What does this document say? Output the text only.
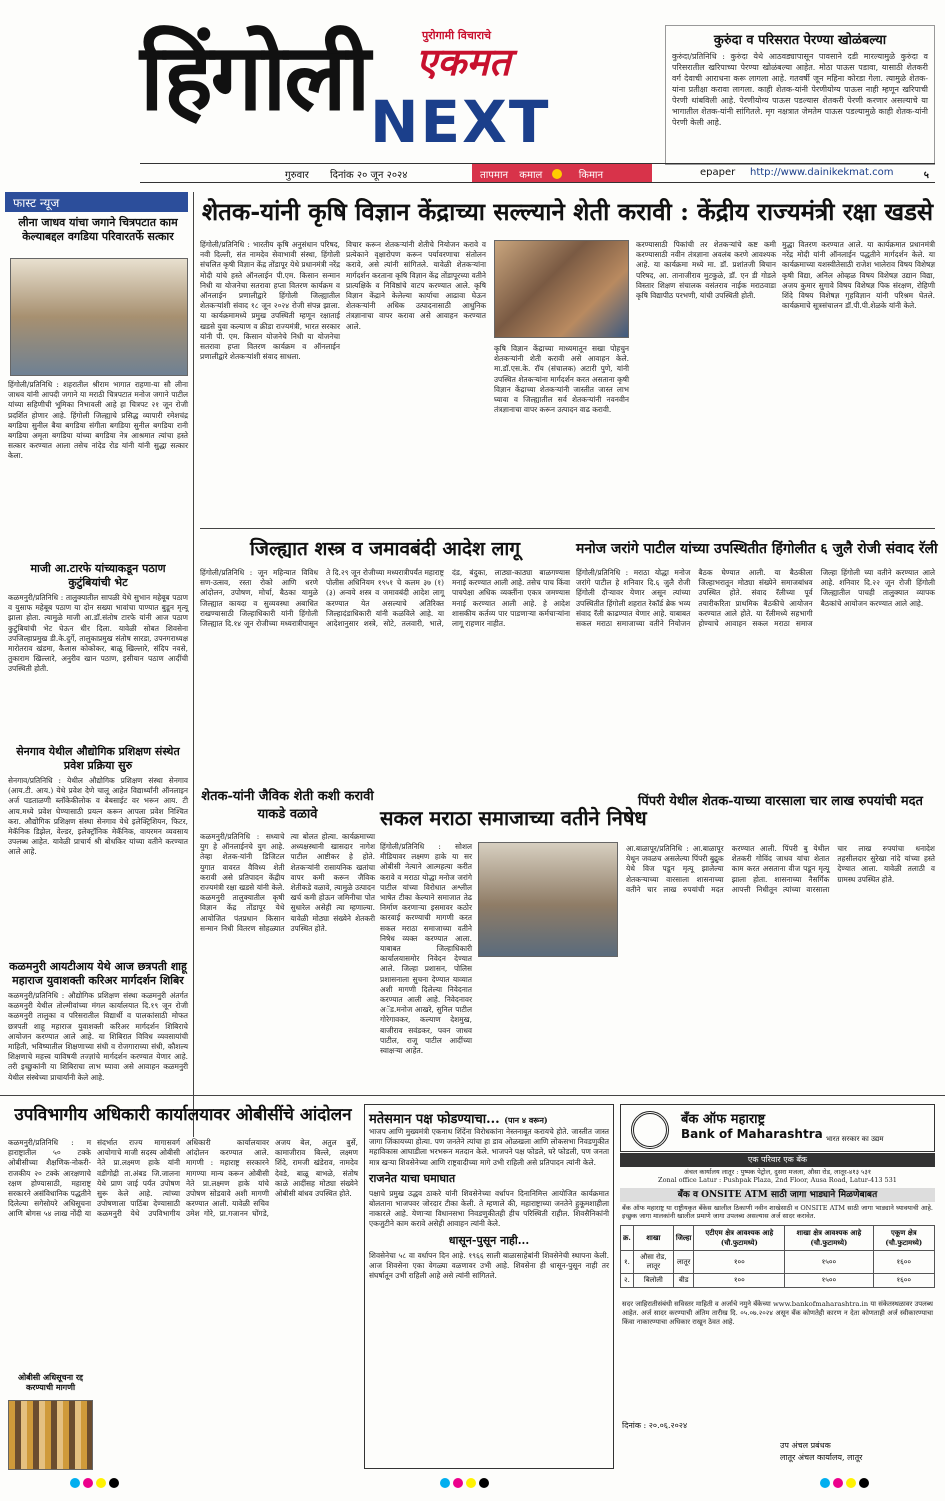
हिंगोली	पुरोगामी विचाराचे
एकमत
NEXT
कुरुंदा व परिसरात पेरण्या खोळंबल्या

कुरुंदा/प्रतिनिधि : कुरुंदा येथे आठवड्यापासून पावसाने दडी मारल्यामुळे कुरुंदा व परिसरातील खरिपाच्या पेरण्या खोळंबल्या आहेत. मोठा पाऊस पडावा, यासाठी शेतकरी वर्ग देवाची आराधना करू लागला आहे. गतवर्षी जून महिना कोरडा गेला. त्यामुळे शेतक-यांना प्रतीक्षा करावा लागला. काही शेतक-यांनी पेरणीयोग्य पाऊस नाही म्हणून खरिपाची पेरणी थांबविली आहे. पेरणीयोग्य पाऊस पडल्यास शेतकरी पेरणी करणार असल्याचे या भागातील शेतक-यांनी सांगितले. मृग नक्षत्रात जेमतेम पाऊस पडल्यामुळे काही शेतक-यांनी पेरणी केली आहे.

गुरुवार दिनांक २० जून २०२४	तापमान कमाल	किमान	epaper http://www.dainikekmat.com	५
फास्ट न्यूज
लीना जाधव यांचा जगाने चित्रपटात काम केल्याबद्दल वगडिया परिवारतर्फे सत्कार

हिंगोली/प्रतिनिधि : शहरातील श्रीराम भागात राहणा-या सौ लीना जाधव यांनी आपदी जगाने या मराठी चित्रपटात मनोज जगाने पाटील यांच्या सहिणीची भूमिका निभावली आहे हा चित्रपट २१ जून रोजी प्रदर्शित होणार आहे. हिंगोली जिल्ह्याचे प्रसिद्ध व्यापारी रमेशचंद्र बगडिया सुनील बैया बगडिया संगीता बगडिया सुनील बगडिया रानी बगडिया अमृता बगडिया यांच्या बगडिया नेत्र आश्रमात त्यांचा हस्ते सत्कार करण्यात आला तसेच नांदेड रोड यांनी यांनी सुद्धा सत्कार केला.

माजी आ.टारफे यांच्याकडून पठाण कुटुंबियांची भेट

कळमनुरी/प्रतिनिधि : तालुक्यातील सापळी येथे सुभान महेबूब पठाण व युसाफ महेबूब पठाण या दोन सख्या भावांचा पाण्यात बुडून मृत्यू झाला होता. त्यामुळे माजी आ.डॉ.संतोष टारफे यांनी आज पठाण कुटुंबियांची भेट घेऊन धीर दिला. यावेळी सोबत शिवसेना उपजिल्हाप्रमुख डी.के.दुर्गे, तालुकाप्रमुख संतोष सारडा, उपनगराध्यक्ष मारोतराव खंडमा, कैलास कोकोकर, बाळू खिल्लारे, संदिप नवसे, तुकाराम खिल्लारे, अनुरीव खान पठाण, इसीयान पठाण आदींची उपस्थिती होती.

सेनगाव येथील औद्योगिक प्रशिक्षण संस्थेत प्रवेश प्रक्रिया सुरु

सेनगाव/प्रतिनिधि : येथील औद्योगिक प्रशिक्षण संस्था सेनगाव (आय.टी. आय.) येथे प्रवेश देणे चालू आहेत विद्यार्थ्यांनी ऑनलाइन अर्ज पडताळणी ब्लॉकेकीलोक व बेबसाईट वर भरून आय. टी आय.मध्ये प्रवेश घेण्यासाठी प्रयत्न करून आपला प्रवेश निश्चित करा. औद्योगिक प्रशिक्षण संस्था सेनगाव येथे इलेक्ट्रिशियन, फिटर, मेकॅनिक डिझेल, वेल्डर, इलेक्ट्रॉनिक मेकॅनिक, वायरमन व्यवसाय उपलब्ध आहेत. यावेळी प्राचार्य श्री बोधकिर यांच्या वतीने करण्यात आले आहे.

कळमनुरी आयटीआय येथे आज छत्रपती शाहू महाराज युवाशक्ती करिअर मार्गदर्शन शिबिर

कळमनुरी/प्रतिनिधि : औद्योगिक प्रशिक्षण संस्था कळमनुरी अंतर्गत कळमनुरी येथील तोल्मीवांच्या मंगल कार्यालयात दि.१९ जून रोजी कळमनुरी तालुका व परिसरातील विद्यार्थी व पालकांसाठी मोफत छत्रपती शाहू महाराज युवाशक्ती करिअर मार्गदर्शन शिबिराचे आयोजन करण्यात आले आहे. या शिबिरात विविध व्यवसायांची माहिती, भविष्यातील शिक्षणाच्या संधी व रोजगाराच्या संधी, कौशल्य शिक्षणाचे महत्त्व याविषयी तज्ज्ञांचे मार्गदर्शन करण्यात येणार आहे. तरी इच्छुकांनी या शिबिराचा लाभ घ्यावा असे आवाहन कळमनुरी येथील संस्थेच्या प्राचार्यांनी केले आहे.

शेतक-यांनी कृषि विज्ञान केंद्राच्या सल्ल्याने शेती करावी : केंद्रीय राज्यमंत्री रक्षा खडसे

हिंगोली/प्रतिनिधि : भारतीय कृषि अनुसंधान परिषद, नवी दिल्ली, संत नामदेव सेवाभावी संस्था, हिंगोली संचलित कृषी विज्ञान केंद्र तोंडापूर येथे प्रधानमंत्री नरेंद्र मोदी यांचे हस्ते ऑनलाईन पी.एम. किसान सन्मान निधी या योजनेचा सतरावा हप्ता वितरण कार्यक्रम व ऑनलाईन प्रणालीद्वारे हिंगोली जिल्ह्यातील शेतकऱ्यांशी संवाद १८ जून २०२४ रोजी संपन्न झाला. या कार्यक्रमामध्ये प्रमुख उपस्थिती म्हणून रक्षाताई खडसे युवा कल्याण व क्रीडा राज्यमंत्री, भारत सरकार यांनी पी. एम. किसान योजनेचे निधी या योजनेचा सतरावा हप्ता वितरण कार्यक्रम व ऑनलाईन प्रणालीद्वारे शेतकऱ्यांशी संवाद साधला.

विचार करून शेतकऱ्यांनी शेतीचे नियोजन करावे व प्रत्येकाने वृक्षारोपण करून पर्यावरणाचा संतोलन करावे, असे त्यांनी सांगितले. यावेळी शेतकऱ्यांना मार्गदर्शन करताना कृषि विज्ञान केंद्र तोंडापूरच्या वतीने प्रात्यक्षिके व निविष्ठांचे वाटप करण्यात आले. कृषि विज्ञान केंद्राने केलेल्या कार्याचा आढावा घेऊन शेतकऱ्यांनी अधिक उत्पादनासाठी आधुनिक तंत्रज्ञानाचा वापर करावा असे आवाहन करण्यात आले.

कृषि विज्ञान केंद्राच्या माध्यमातून सखा पोहचुन शेतकऱ्यांनी शेती करावी असे आवाहन केले. मा.डॉ.एस.के. रॉय (संचालक) अटारी पुणे, यांनी उपस्थित शेतकऱ्यांना मार्गदर्शन करत असताना कृषी विज्ञान केंद्राच्या शेतकऱ्यांनी जास्तीत जास्त लाभ घ्यावा व जिल्ह्यातील सर्व शेतकऱ्यांनी नवनवीन तंत्रज्ञानाचा वापर करून उत्पादन वाढ करावी.

करण्यासाठी पिकांची तर शेतकऱ्यांचे कष्ट कमी करण्यासाठी नवीन तंत्रज्ञाना अवलंब करणे आवश्यक आहे. या कार्यक्रमा मध्ये मा. डॉ. प्रशांतजी बिचान परिषद, आ. तानाजीराव मुटकुळे, डॉ. एन डी गोडले विस्तार शिक्षण संचालक वसंतराव नाईक मराठवाडा कृषि विद्यापीठ परभणी, यांची उपस्थिती होती.

मुद्धा वितरण करण्यात आले. या कार्यक्रमात प्रधानमंत्री नरेंद्र मोदी यांनी ऑनलाईन पद्धतीने मार्गदर्शन केले. या कार्यक्रमाच्या यशस्वीतेसाठी राजेश भालेराव विषय विशेषज्ञ कृषी विद्या, अनिल ओव्हळ विषय विशेषज्ञ उद्यान विद्या, अजय कुमार सुगावे विषय विशेषज्ञ पिक संरक्षण, रोहिणी शिंदे विषय विशेषज्ञ गृहविज्ञान यांनी परिश्रम घेतले. कार्यक्रमाचे सूत्रसंचालन डॉ.पी.पी.शेळके यांनी केले.

जिल्ह्यात शस्त्र व जमावबंदी आदेश लागू

हिंगोली/प्रतिनिधि : जून महिन्यात विविध सण-उत्सव, रस्ता रोको आणि धरणे आंदोलन, उपोषण, मोर्चा, बैठका यामुळे जिल्ह्यात कायदा व सुव्यवस्था अबाधित राखण्यासाठी जिल्हाधिकारी यांनी हिंगोली जिल्ह्यात दि.१४ जून रोजीच्या मध्यरात्रीपासून ते दि.२९ जून रोजीच्या मध्यरात्रीपर्यंत महाराष्ट्र पोलीस अधिनियम १९५१ चे कलम ३७ (१) (३) अन्वये शस्त्र व जमावबंदी आदेश लागू करण्यात येत असल्याचे अतिरिक्त जिल्हादंडाधिकारी यांनी कळविले आहे. या आदेशानुसार शस्त्रे, सोटे, तलवारी, भाले, दंड, बंदुका, लाठ्या-काठ्या बाळगण्यास मनाई करण्यात आली आहे. तसेच पाच किंवा पाचपेक्षा अधिक व्यक्तींना एकत्र जमण्यास मनाई करण्यात आली आहे. हे आदेश शासकीय कर्तव्य पार पाडणाऱ्या कर्मचाऱ्यांना लागू राहणार नाहीत.

मनोज जरांगे पाटील यांच्या उपस्थितीत हिंगोलीत ६ जुलै रोजी संवाद रॅली

हिंगोली/प्रतिनिधि : मराठा योद्धा मनोज जरांगे पाटील हे शनिवार दि.६ जुलै रोजी हिंगोली दौऱ्यावर येणार असून त्यांच्या उपस्थितीत हिंगोली शहरात रेकॉर्ड ब्रेक भव्य संवाद रॅली काढण्यात येणार आहे. याबाबत सकल मराठा समाजाच्या वतीने नियोजन बैठक घेण्यात आली. या बैठकीला जिल्हाभरातून मोठ्या संख्येने समाजबांधव उपस्थित होते. संवाद रॅलीच्या पूर्व तयारीकरिता प्राथमिक बैठकीचे आयोजन करण्यात आले होते. या रॅलीमध्ये सहभागी होण्याचे आवाहन सकल मराठा समाज जिल्हा हिंगोली च्या वतीने करण्यात आले आहे. शनिवार दि.२२ जून रोजी हिंगोली जिल्ह्यातील पाचही तालुक्यात व्यापक बैठकांचे आयोजन करण्यात आले आहे.

शेतक-यांनी जैविक शेती कशी करावी याकडे वळावे

कळमनुरी/प्रतिनिधि : सध्याचे युग हे ऑनलाईनचे युग आहे. तेव्हा शेतक-यांनी डिजिटल युगात वावरत वैविध्य शेती करावी असे प्रतिपादन केंद्रीय राज्यमंत्री रक्षा खडसे यांनी केले. कळमनुरी तालुक्यातील कृषी विज्ञान केंद्र तोंडापूर येथे आयोजित पंतप्रधान किसान सन्मान निधी वितरण सोहळ्यात त्या बोलत होत्या. कार्यक्रमाच्या अध्यक्षस्थानी खासदार नागेश पाटील आष्टीकर हे होते. शेतकऱ्यांनी रासायनिक खतांचा वापर कमी करून जैविक शेतीकडे वळावे, त्यामुळे उत्पादन खर्च कमी होऊन जमिनीचा पोत सुधारेल असेही त्या म्हणाल्या. यावेळी मोठ्या संख्येने शेतकरी उपस्थित होते.

सकल मराठा समाजाच्या वतीने निषेध

हिंगोली/प्रतिनिधि : सोशल मीडियावर लक्ष्मण हाके या सर ओबीसी नेत्याने आत्महत्या करीत करावे व मराठा योद्धा मनोज जरांगे पाटील यांच्या विरोधात अश्लील भाषेत टीका केल्याने समाजात तेढ निर्माण करणाऱ्या इसमावर कठोर कारवाई करण्याची मागणी करत सकल मराठा समाजाच्या वतीने निषेध व्यक्त करण्यात आला. याबाबत जिल्हाधिकारी कार्यालयासमोर निवेदन देण्यात आले. जिल्हा प्रशासन, पोलिस प्रशासनाला सुचना देण्यात याव्यात अशी मागणी दिलेल्या निवेदनात करण्यात आली आहे. निवेदनावर अॅड.मनोज आखरे, सुनिल पाटील गोरेगावकर, कल्याण देशमुख, बाजीराव सवंडकर, पवन जाधव पाटील, राजू पाटील आदींच्या स्वाक्षऱ्या आहेत.

पिंपरी येथील शेतक-याच्या वारसाला चार लाख रुपयांची मदत

आ.बाळापूर/प्रतिनिधि : आ.बाळापूर येथून जवळच असलेल्या पिंपरी बुद्रुक येथे विज पडून मृत्यू झालेल्या शेतकऱ्याच्या वारसाला शासनाच्या वतीने चार लाख रुपयांची मदत करण्यात आली. पिंपरी बु येथील शेतकरी गोविंद जाधव यांचा शेतात काम करत असताना वीज पडून मृत्यू झाला होता. शासनाच्या नैसर्गिक आपत्ती निधीतून त्यांच्या वारसाला चार लाख रुपयांचा धनादेश तहसीलदार सुरेखा नांदे यांच्या हस्ते देण्यात आला. यावेळी तलाठी व ग्रामस्थ उपस्थित होते.

उपविभागीय अधिकारी कार्यालयावर ओबीसींचे आंदोलन

कळमनुरी/प्रतिनिधि : म हाराष्ट्रातील ५० टक्के ओबीसीच्या शैक्षणिक-नोकरी-राजकीय २० टक्के आरक्षणाचे रक्षण होण्यासाठी, महाराष्ट्र सरकारने असंविधानिक पद्धतीने दिलेल्या सगेसोयरे अधिसूचना आणि बोगस ५४ लाख नोंदी या संदर्भात राज्य मागासवर्ग आयोगाचे माजी सदस्य ओबीसी नेते प्रा.लक्ष्मण हाके यांनी वडीगोद्री ता.अंबड जि.जालना येथे प्राण जाई पर्यंत उपोषण सुरू केले आहे. त्यांच्या उपोषणाला पाठिंबा देण्यासाठी कळमनुरी येथे उपविभागीय अधिकारी कार्यालयावर आंदोलन करण्यात आले. मागणी : महाराष्ट्र सरकारने मागण्या मान्य करून ओबीसी नेते प्रा.लक्ष्मण हाके यांचे उपोषण सोडवावे अशी मागणी करण्यात आली. यावेळी सचिव उमेश गोरे, प्रा.गजानन घोंगडे, अजय बेल, अतुल बुर्से, कामाजीराव बिल्ले, लक्ष्मण शिंदे, रामजी खंडेराव, नामदेव देवडे, बाळू बाभळे, संतोष काळे आदींसह मोठ्या संख्येने ओबीसी बांधव उपस्थित होते.

ओबीसी अधिसूचना रद्द करण्याची मागणी
मतेसमान पक्ष फोडण्याचा... (पान ४ वरून)

भाजप आणि मुख्यमंत्री एकनाथ शिंदेंना विरोधकांना नेस्तनाबूत करायचे होते. जास्तीत जास्त जागा जिंकायच्या होत्या. पण जनतेने त्यांचा हा डाव ओळखला आणि लोकसभा निवडणुकीत महाविकास आघाडीला भरभरून मतदान केले. भाजपने पक्ष फोडले, घरे फोडली, पण जनता मात्र खऱ्या शिवसेनेच्या आणि राष्ट्रवादीच्या मागे उभी राहिली असे प्रतिपादन त्यांनी केले.

राजनेत याचा घमाघात

पक्षाचे प्रमुख उद्धव ठाकरे यांनी शिवसेनेच्या वर्धापन दिनानिमित्त आयोजित कार्यक्रमात बोलताना भाजपवर जोरदार टीका केली. ते म्हणाले की, महाराष्ट्राच्या जनतेने हुकूमशाहीला नाकारले आहे. येणाऱ्या विधानसभा निवडणुकीतही हीच परिस्थिती राहील. शिवसैनिकांनी एकजुटीने काम करावे असेही आवाहन त्यांनी केले.

धासून-पुसून नाही...

शिवसेनेचा ५८ वा वर्धापन दिन आहे. १९६६ साली बाळासाहेबांनी शिवसेनेची स्थापना केली. आज शिवसेना एका वेगळ्या वळणावर उभी आहे. शिवसेना ही धासून-पुसून नाही तर संघर्षातून उभी राहिली आहे असे त्यांनी सांगितले.

बँक ऑफ महाराष्ट्र
Bank of Maharashtra भारत सरकार का उद्यम
एक परिवार एक बँक

अंचल कार्यालय लातूर : पुष्पक पेट्रोल, दुसरा मजला, औसा रोड, लातूर-४१३ ५३१

Zonal office Latur : Pushpak Plaza, 2nd Floor, Ausa Road, Latur-413 531

बँक व ONSITE ATM साठी जागा भाड्याने मिळणेबाबत

बँक ऑफ महाराष्ट्र या राष्ट्रीयकृत बँकेस खालील ठिकाणी नवीन शाखेसाठी व ONSITE ATM साठी जागा भाड्याने घ्यावयाची आहे. इच्छुक जागा मालकांनी खालील प्रमाणे जागा उपलब्ध असल्यास अर्ज सादर करावेत.

क्र.	शाखा	जिल्हा	एटीएम क्षेत्र आवश्यक आहे (चौ.फुटामध्ये)	शाखा क्षेत्र आवश्यक आहे (चौ.फुटामध्ये)	एकूण क्षेत्र (चौ.फुटामध्ये)
१.	औसा रोड, लातूर	लातूर	१००	१५००	१६००
२.	बिलोली	बीड	१००	१५००	१६००

सदर जाहिरातीसंबंधी सविस्तर माहिती व अर्जाचे नमुने बँकेच्या www.bankofmaharashtra.in या संकेतस्थळावर उपलब्ध आहेत. अर्ज सादर करण्याची अंतिम तारीख दि. ०५.०७.२०२४ असून बँक कोणतेही कारण न देता कोणताही अर्ज स्वीकारण्याचा किंवा नाकारण्याचा अधिकार राखून ठेवत आहे.

दिनांक : २०.०६.२०२४
उप अंचल प्रबंधक
लातूर अंचल कार्यालय, लातूर
